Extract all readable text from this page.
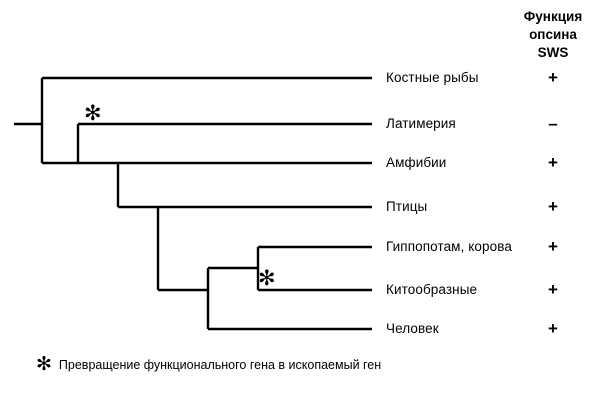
Функция
опсина
SWS
Костные рыбы
Латимерия
Амфибии
Птицы
Гиппопотам, корова
Китообразные
Человек
+
–
+
+
+
+
+
✻
✻
✻ Превращение функционального гена в ископаемый ген
